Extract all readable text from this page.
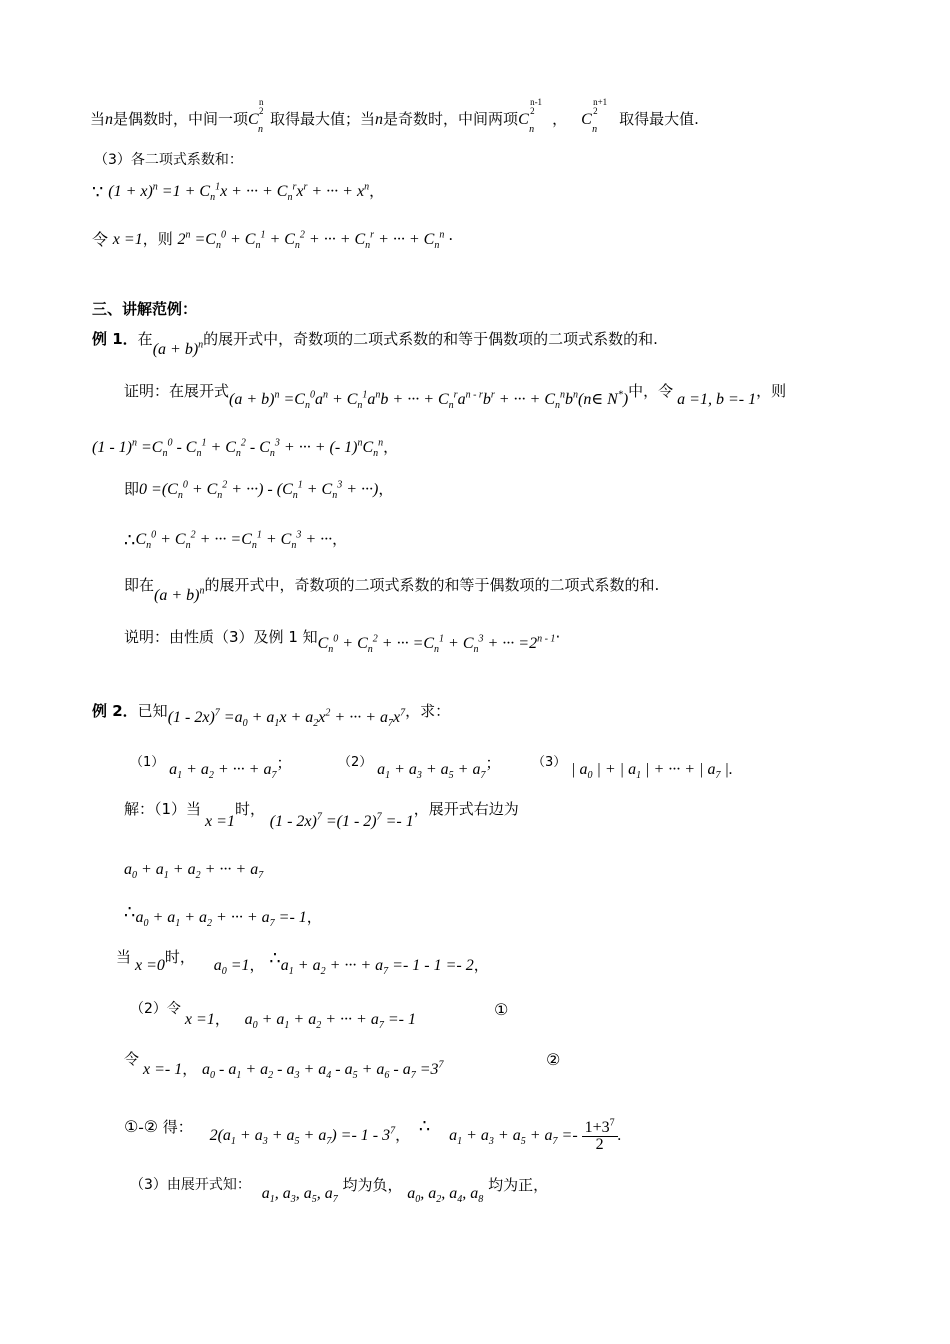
当n是偶数时，中间一项C
n
n
2 取得最大值；当n是奇数时，中间两项C
n
n-1
2	， C
n
n+1
2	取得最大值.
（3）各二项式系数和：
∵ $(1 + x)^n =1 + C_n^1x$ + ··· + $C_n^rx^r$ + ··· + $x^n$，
令 x =1，则 $2^n =C_n^0 + C_n^1 + C_n^2$ + ··· + $C_n^r$ + ··· + $C_n^n$ ·
三、讲解范例：
例 1．在$(a + b)^n$的展开式中，奇数项的二项式系数的和等于偶数项的二项式系数的和.
证明：在展开式$(a + b)^n =C_n^0a^n + C_n^1a^nb$ + ··· + $C_n^ra^{n - r}b^r$ + ··· + $C_n^nb^n(n\in$ N*)中，令 a =1, b =- 1，则
$(1 - 1)^n =C_n^0 - C_n^1 + C_n^2 - C_n^3$ + ··· + (- $1)^nC_n^n$，
即$0 =(C_n^0 + C_n^2$ + ···) - ($C_n^1 + C_n^3$ + ···)，
$\therefore C_n^0 + C_n^2$ + ··· $=C_n^1 + C_n^3$ + ···，
即在$(a + b)^n$的展开式中，奇数项的二项式系数的和等于偶数项的二项式系数的和.
说明：由性质（3）及例 1 知$C_n^0 + C_n^2$ + ··· $=C_n^1 + C_n^3$ + ··· $=2^{n - 1}\cdot$
例 2．已知$(1 - 2x)^7 =a_0 + a_1x + a_2x^2$ + ··· + $a_7x^7$，求：
（1） $a_1 + a_2$ + ··· + $a_7$；	（2） $a_1 + a_3 + a_5 + a_7$； （3） | $a_0$ | + | $a_1$ | + ··· + | $a_7$ |.
解：（1）当 x =1时， (1 - 2x)$^7$ =(1 - 2)$^7$ =- 1，展开式右边为
$a_0 + a_1 + a_2$ + ··· + $a_7$
$\therefore a_0 + a_1 + a_2$ + ··· + $a_7 =- 1$，
当 x =0时， $a_0 =1$， $\therefore a_1 + a_2$ + ··· + $a_7 =- 1 - 1 =- 2$，
（2）令 x =1， $a_0 + a_1 + a_2$ + ··· + $a_7 =- 1$
①
令 x =- 1， $a_0 - a_1 + a_2 - a_3 + a_4 - a_5 + a_6 - a_7 =3^7$	②
①-② 得： $2(a_1 + a_3 + a_5 + a_7) =- 1 - 3^7$， ∴ $a_1 + a_3 + a_5 + a_7 =- \frac{1+3^7}{2}$ .
（3）由展开式知： $a_1$, $a_3$, $a_5$, $a_7$ 均为负， $a_0$, $a_2$, $a_4$, $a_8$ 均为正，
